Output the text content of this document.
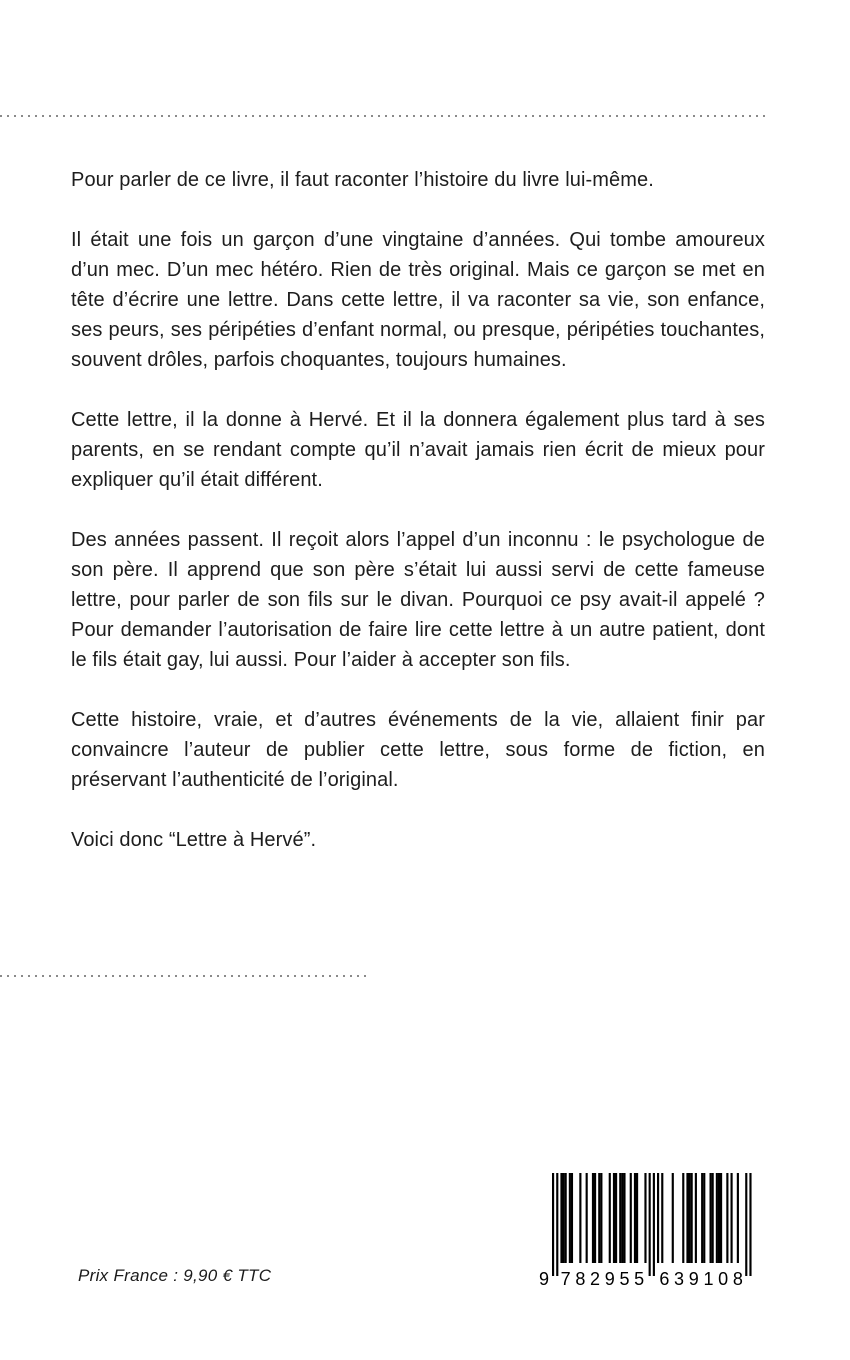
Pour parler de ce livre, il faut raconter l’histoire du livre lui-même.

Il était une fois un garçon d’une vingtaine d’années. Qui tombe amoureux d’un mec. D’un mec hétéro. Rien de très original. Mais ce garçon se met en tête d’écrire une lettre. Dans cette lettre, il va raconter sa vie, son enfance, ses peurs, ses péripéties d’enfant normal, ou presque, péripéties touchantes, souvent drôles, parfois choquantes, toujours humaines.

Cette lettre, il la donne à Hervé. Et il la donnera également plus tard à ses parents, en se rendant compte qu’il n’avait jamais rien écrit de mieux pour expliquer qu’il était différent.

Des années passent. Il reçoit alors l’appel d’un inconnu : le psychologue de son père. Il apprend que son père s’était lui aussi servi de cette fameuse lettre, pour parler de son fils sur le divan. Pourquoi ce psy avait-il appelé ? Pour demander l’autorisation de faire lire cette lettre à un autre patient, dont le fils était gay, lui aussi. Pour l’aider à accepter son fils.

Cette histoire, vraie, et d’autres événements de la vie, allaient finir par convaincre l’auteur de publier cette lettre, sous forme de fiction, en préservant l’authenticité de l’original.

Voici donc “Lettre à Hervé”.

Prix France : 9,90 € TTC	9 7 8 2 9 5 5 6 3 9 1 0 8
